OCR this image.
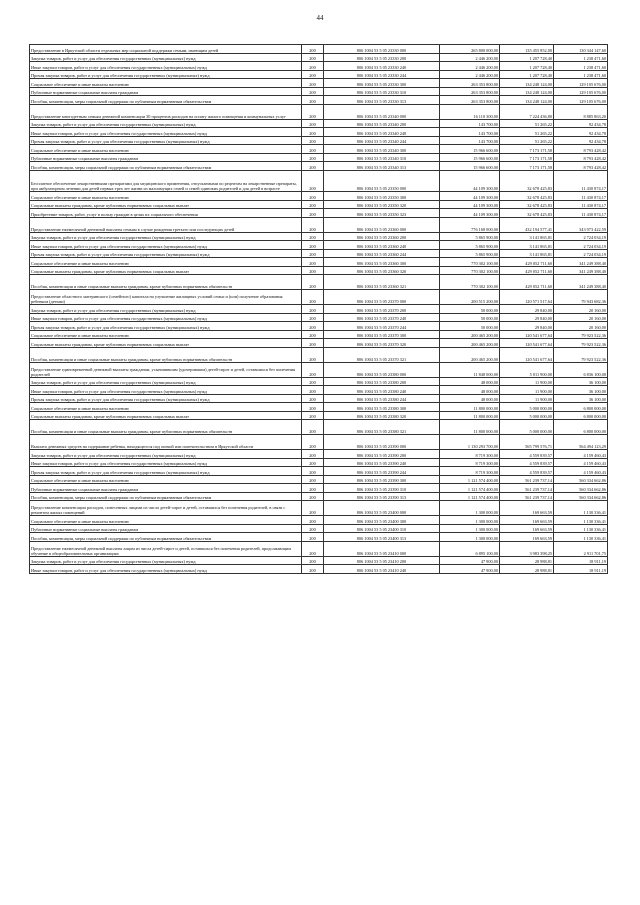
44
Предоставление в Иркутской области отдельных мер социальной поддержки семьям, имеющим детей	200	806 1004 53 5 05 23330 000	265 800 000,00	135 455 852,00	130 344 147,60
Закупка товаров, работ и услуг для обеспечения государственных (муниципальных) нужд	200	806 1004 53 5 05 23330 200	2 446 200,00	1 207 728,40	1 238 471,60
Иные закупки товаров, работ и услуг для обеспечения государственных (муниципальных) нужд	200	806 1004 53 5 05 23330 240	2 446 200,00	1 207 728,40	1 238 471,60
Прочая закупка товаров, работ и услуг для обеспечения государственных (муниципальных) нужд	200	806 1004 53 5 05 23330 244	2 446 200,00	1 207 728,40	1 238 471,60
Социальное обеспечение и иные выплаты населению	200	806 1004 53 5 05 23330 300	263 353 800,00	134 248 124,00	129 105 676,00
Публичные нормативные социальные выплаты гражданам	200	806 1004 53 5 05 23330 310	263 353 800,00	134 248 124,00	129 105 676,00
Пособия, компенсации, меры социальной поддержки по публичным нормативным обязательствам	200	806 1004 53 5 05 23330 313	263 353 800,00	134 248 124,00	129 105 676,00
Предоставление многодетным семьям денежной компенсации 30 процентов расходов на оплату жилого помещения и коммунальных услуг	200	806 1004 53 5 05 23340 000	16 110 300,00	7 224 436,80	8 885 863,20
Закупка товаров, работ и услуг для обеспечения государственных (муниципальных) нужд	200	806 1004 53 5 05 23340 200	143 700,00	51 265,22	92 434,78
Иные закупки товаров, работ и услуг для обеспечения государственных (муниципальных) нужд	200	806 1004 53 5 05 23340 240	143 700,00	51 265,22	92 434,78
Прочая закупка товаров, работ и услуг для обеспечения государственных (муниципальных) нужд	200	806 1004 53 5 05 23340 244	143 700,00	51 265,22	92 434,78
Социальное обеспечение и иные выплаты населению	200	806 1004 53 5 05 23340 300	15 966 600,00	7 173 171,58	8 793 428,42
Публичные нормативные социальные выплаты гражданам	200	806 1004 53 5 05 23340 310	15 966 600,00	7 173 171,58	8 793 428,42
Пособия, компенсации, меры социальной поддержки по публичным нормативным обязательствам	200	806 1004 53 5 05 23340 313	15 966 600,00	7 173 171,58	8 793 428,42
Бесплатное обеспечение лекарственными препаратами для медицинского применения, отпускаемыми по рецептам на лекарственные препараты, при амбулаторном лечении для детей первых трех лет жизни из малоимущих семей и семей одиноких родителей и для детей в возрасте	200	806 1004 53 5 05 23350 000	44 109 300,00	32 678 425,83	11 430 874,17
Социальное обеспечение и иные выплаты населению	200	806 1004 53 5 05 23350 300	44 109 300,00	32 678 425,83	11 430 874,17
Социальные выплаты гражданам, кроме публичных нормативных социальных выплат	200	806 1004 53 5 05 23350 320	44 109 300,00	32 678 425,83	11 430 874,17
Приобретение товаров, работ, услуг в пользу граждан в целях их социального обеспечения	200	806 1004 53 5 05 23350 323	44 109 300,00	32 678 425,83	11 430 874,17
Предоставление ежемесячной денежной выплаты семьям в случае рождения третьего или последующих детей	200	806 1004 53 5 05 23360 000	776 168 000,00	432 194 577,41	343 973 422,59
Закупка товаров, работ и услуг для обеспечения государственных (муниципальных) нужд	200	806 1004 53 5 05 23360 200	5 865 900,00	3 141 865,81	2 724 034,19
Иные закупки товаров, работ и услуг для обеспечения государственных (муниципальных) нужд	200	806 1004 53 5 05 23360 240	5 865 900,00	3 141 865,81	2 724 034,19
Прочая закупка товаров, работ и услуг для обеспечения государственных (муниципальных) нужд	200	806 1004 53 5 05 23360 244	5 865 900,00	3 141 865,81	2 724 034,19
Социальное обеспечение и иные выплаты населению	200	806 1004 53 5 05 23360 300	770 302 100,00	429 052 711,60	341 249 388,40
Социальные выплаты гражданам, кроме публичных нормативных социальных выплат	200	806 1004 53 5 05 23360 320	770 302 100,00	429 052 711,60	341 249 388,40
Пособия, компенсации и иные социальные выплаты гражданам, кроме публичных нормативных обязательств	200	806 1004 53 5 05 23360 321	770 302 100,00	429 052 711,60	341 249 388,40
Предоставление областного материнского (семейного) капитала на улучшение жилищных условий семьи и (или) получение образования ребенком (детьми)	200	806 1004 53 5 05 23370 000	200 515 200,00	120 571 517,64	79 943 682,36
Закупка товаров, работ и услуг для обеспечения государственных (муниципальных) нужд	200	806 1004 53 5 05 23370 200	50 000,00	29 840,00	20 160,00
Иные закупки товаров, работ и услуг для обеспечения государственных (муниципальных) нужд	200	806 1004 53 5 05 23370 240	50 000,00	29 840,00	20 160,00
Прочая закупка товаров, работ и услуг для обеспечения государственных (муниципальных) нужд	200	806 1004 53 5 05 23370 244	50 000,00	29 840,00	20 160,00
Социальное обеспечение и иные выплаты населению	200	806 1004 53 5 05 23370 300	200 465 200,00	120 541 677,64	79 923 522,36
Социальные выплаты гражданам, кроме публичных нормативных социальных выплат	200	806 1004 53 5 05 23370 320	200 465 200,00	120 541 677,64	79 923 522,36
Пособия, компенсации и иные социальные выплаты гражданам, кроме публичных нормативных обязательств	200	806 1004 53 5 05 23370 321	200 465 200,00	120 541 677,64	79 923 522,36
Предоставление единовременной денежной выплаты гражданам, усыновившим (удочерившим) детей-сирот и детей, оставшихся без попечения родителей	200	806 1004 53 5 05 23380 000	11 848 000,00	5 011 900,00	6 836 100,00
Закупка товаров, работ и услуг для обеспечения государственных (муниципальных) нужд	200	806 1004 53 5 05 23380 200	48 000,00	11 900,00	36 100,00
Иные закупки товаров, работ и услуг для обеспечения государственных (муниципальных) нужд	200	806 1004 53 5 05 23380 240	48 000,00	11 900,00	36 100,00
Прочая закупка товаров, работ и услуг для обеспечения государственных (муниципальных) нужд	200	806 1004 53 5 05 23380 244	48 000,00	11 900,00	36 100,00
Социальное обеспечение и иные выплаты населению	200	806 1004 53 5 05 23380 300	11 800 000,00	5 000 000,00	6 800 000,00
Социальные выплаты гражданам, кроме публичных нормативных социальных выплат	200	806 1004 53 5 05 23380 320	11 800 000,00	5 000 000,00	6 800 000,00
Пособия, компенсации и иные социальные выплаты гражданам, кроме публичных нормативных обязательств	200	806 1004 53 5 05 23380 321	11 800 000,00	5 000 000,00	6 800 000,00
Выплата денежных средств на содержание ребенка, находящегося под опекой или попечительством в Иркутской области	200	806 1004 53 5 05 23390 000	1 130 293 700,00	565 799 576,71	564 494 123,29
Закупка товаров, работ и услуг для обеспечения государственных (муниципальных) нужд	200	806 1004 53 5 05 23390 200	8 719 300,00	4 559 839,57	4 159 460,43
Иные закупки товаров, работ и услуг для обеспечения государственных (муниципальных) нужд	200	806 1004 53 5 05 23390 240	8 719 300,00	4 559 839,57	4 159 460,43
Прочая закупка товаров, работ и услуг для обеспечения государственных (муниципальных) нужд	200	806 1004 53 5 05 23390 244	8 719 300,00	4 559 839,57	4 159 460,43
Социальное обеспечение и иные выплаты населению	200	806 1004 53 5 05 23390 300	1 121 574 400,00	561 239 737,14	560 334 662,86
Публичные нормативные социальные выплаты гражданам	200	806 1004 53 5 05 23390 310	1 121 574 400,00	561 239 737,14	560 334 662,86
Пособия, компенсации, меры социальной поддержки по публичным нормативным обязательствам	200	806 1004 53 5 05 23390 313	1 121 574 400,00	561 239 737,14	560 334 662,86
Предоставление компенсации расходов, понесенных лицами из числа детей-сирот и детей, оставшихся без попечения родителей, в связи с ремонтом жилых помещений	200	806 1004 53 5 05 23400 000	1 300 000,00	169 663,59	1 130 336,41
Социальное обеспечение и иные выплаты населению	200	806 1004 53 5 05 23400 300	1 300 000,00	169 663,59	1 130 336,41
Публичные нормативные социальные выплаты гражданам	200	806 1004 53 5 05 23400 310	1 300 000,00	169 663,59	1 130 336,41
Пособия, компенсации, меры социальной поддержки по публичным нормативным обязательствам	200	806 1004 53 5 05 23400 313	1 300 000,00	169 663,59	1 130 336,41
Предоставление ежемесячной денежной выплаты лицам из числа детей-сирот и детей, оставшихся без попечения родителей, продолжающим обучение в общеобразовательных организациях	200	806 1004 53 5 05 23410 000	6 895 100,00	3 983 398,25	2 911 701,75
Закупка товаров, работ и услуг для обеспечения государственных (муниципальных) нужд	200	806 1004 53 5 05 23410 200	47 900,00	28 988,81	18 911,19
Иные закупки товаров, работ и услуг для обеспечения государственных (муниципальных) нужд	200	806 1004 53 5 05 23410 240	47 900,00	28 988,81	18 911,19
